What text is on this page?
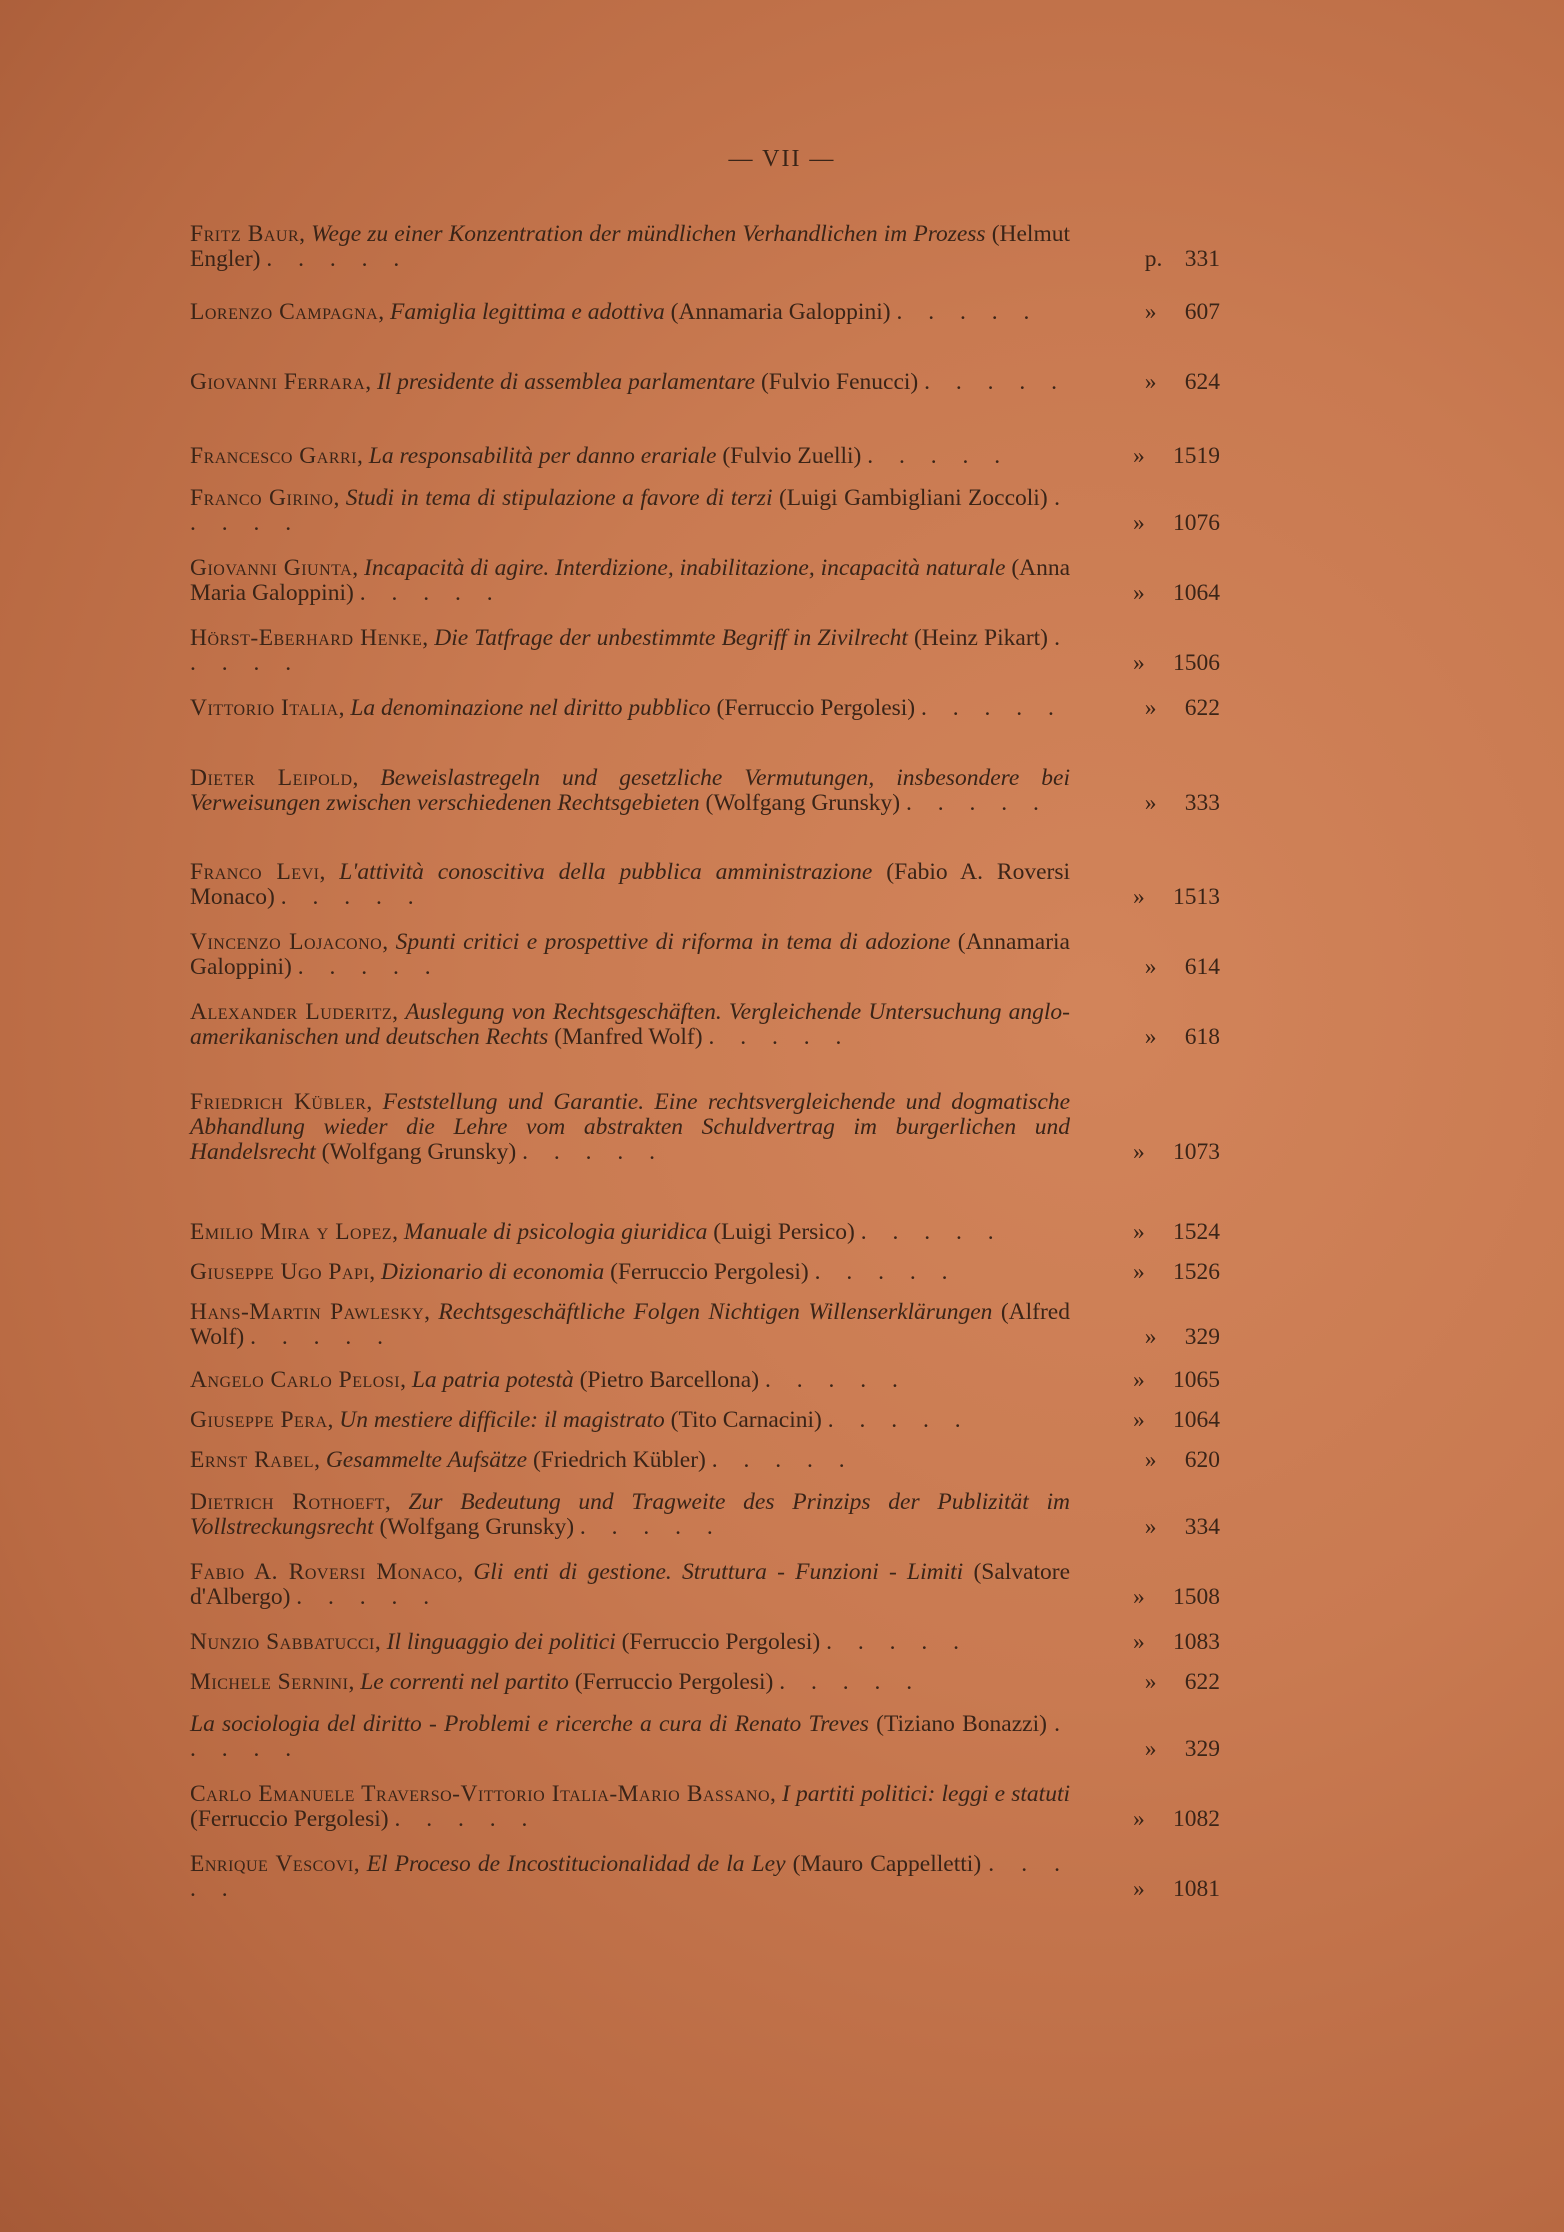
— VII —
Fritz Baur, Wege zu einer Konzentration der mündlichen Verhandlichen im Prozess (Helmut Engler) . . . . .	p. 331
Lorenzo Campagna, Famiglia legittima e adottiva (Annamaria Galoppini) . . . . .	» 607
Giovanni Ferrara, Il presidente di assemblea parlamentare (Fulvio Fenucci) . . . . .	» 624
Francesco Garri, La responsabilità per danno erariale (Fulvio Zuelli) . . . . .	» 1519
Franco Girino, Studi in tema di stipulazione a favore di terzi (Luigi Gambigliani Zoccoli) . . . . .	» 1076
Giovanni Giunta, Incapacità di agire. Interdizione, inabilitazione, incapacità naturale (Anna Maria Galoppini) . . . . .	» 1064
Hörst-Eberhard Henke, Die Tatfrage der unbestimmte Begriff in Zivilrecht (Heinz Pikart) . . . . .	» 1506
Vittorio Italia, La denominazione nel diritto pubblico (Ferruccio Pergolesi) . . . . .	» 622
Dieter Leipold, Beweislastregeln und gesetzliche Vermutungen, insbesondere bei Verweisungen zwischen verschiedenen Rechtsgebieten (Wolfgang Grunsky) . . . . .	» 333
Franco Levi, L'attività conoscitiva della pubblica amministrazione (Fabio A. Roversi Monaco) . . . . .	» 1513
Vincenzo Lojacono, Spunti critici e prospettive di riforma in tema di adozione (Annamaria Galoppini) . . . . .	» 614
Alexander Luderitz, Auslegung von Rechtsgeschäften. Vergleichende Untersuchung anglo-amerikanischen und deutschen Rechts (Manfred Wolf) . . . . .	» 618
Friedrich Kübler, Feststellung und Garantie. Eine rechtsvergleichende und dogmatische Abhandlung wieder die Lehre vom abstrakten Schuldvertrag im burgerlichen und Handelsrecht (Wolfgang Grunsky) . . . . .	» 1073
Emilio Mira y Lopez, Manuale di psicologia giuridica (Luigi Persico) . . . . .	» 1524
Giuseppe Ugo Papi, Dizionario di economia (Ferruccio Pergolesi) . . . . .	» 1526
Hans-Martin Pawlesky, Rechtsgeschäftliche Folgen Nichtigen Willenserklärungen (Alfred Wolf) . . . . .	» 329
Angelo Carlo Pelosi, La patria potestà (Pietro Barcellona) . . . . .	» 1065
Giuseppe Pera, Un mestiere difficile: il magistrato (Tito Carnacini) . . . . .	» 1064
Ernst Rabel, Gesammelte Aufsätze (Friedrich Kübler) . . . . .	» 620
Dietrich Rothoeft, Zur Bedeutung und Tragweite des Prinzips der Publizität im Vollstreckungsrecht (Wolfgang Grunsky) . . . . .	» 334
Fabio A. Roversi Monaco, Gli enti di gestione. Struttura - Funzioni - Limiti (Salvatore d'Albergo) . . . . .	» 1508
Nunzio Sabbatucci, Il linguaggio dei politici (Ferruccio Pergolesi) . . . . .	» 1083
Michele Sernini, Le correnti nel partito (Ferruccio Pergolesi) . . . . .	» 622
La sociologia del diritto - Problemi e ricerche a cura di Renato Treves (Tiziano Bonazzi) . . . . .	» 329
Carlo Emanuele Traverso-Vittorio Italia-Mario Bassano, I partiti politici: leggi e statuti (Ferruccio Pergolesi) . . . . .	» 1082
Enrique Vescovi, El Proceso de Incostitucionalidad de la Ley (Mauro Cappelletti) . . . . .	» 1081
